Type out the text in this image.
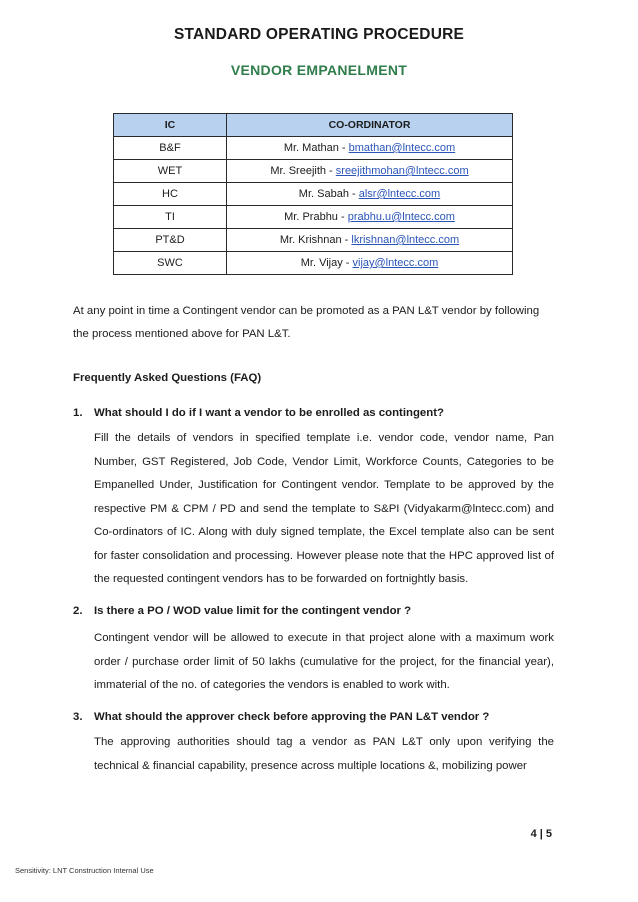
STANDARD OPERATING PROCEDURE
VENDOR EMPANELMENT
IC	CO-ORDINATOR
B&F	Mr. Mathan - bmathan@lntecc.com
WET	Mr. Sreejith - sreejithmohan@lntecc.com
HC	Mr. Sabah - alsr@lntecc.com
TI	Mr. Prabhu - prabhu.u@lntecc.com
PT&D	Mr. Krishnan - lkrishnan@lntecc.com
SWC	Mr. Vijay - vijay@lntecc.com
At any point in time a Contingent vendor can be promoted as a PAN L&T vendor by following the process mentioned above for PAN L&T.
Frequently Asked Questions (FAQ)
1. What should I do if I want a vendor to be enrolled as contingent?
Fill the details of vendors in specified template i.e. vendor code, vendor name, Pan Number, GST Registered, Job Code, Vendor Limit, Workforce Counts, Categories to be Empanelled Under, Justification for Contingent vendor. Template to be approved by the respective PM & CPM / PD and send the template to S&PI (Vidyakarm@lntecc.com) and Co-ordinators of IC. Along with duly signed template, the Excel template also can be sent for faster consolidation and processing. However please note that the HPC approved list of the requested contingent vendors has to be forwarded on fortnightly basis.
2. Is there a PO / WOD value limit for the contingent vendor ?
Contingent vendor will be allowed to execute in that project alone with a maximum work order / purchase order limit of 50 lakhs (cumulative for the project, for the financial year), immaterial of the no. of categories the vendors is enabled to work with.
3. What should the approver check before approving the PAN L&T vendor ?
The approving authorities should tag a vendor as PAN L&T only upon verifying the technical & financial capability, presence across multiple locations &, mobilizing power
4 | 5
Sensitivity: LNT Construction Internal Use
